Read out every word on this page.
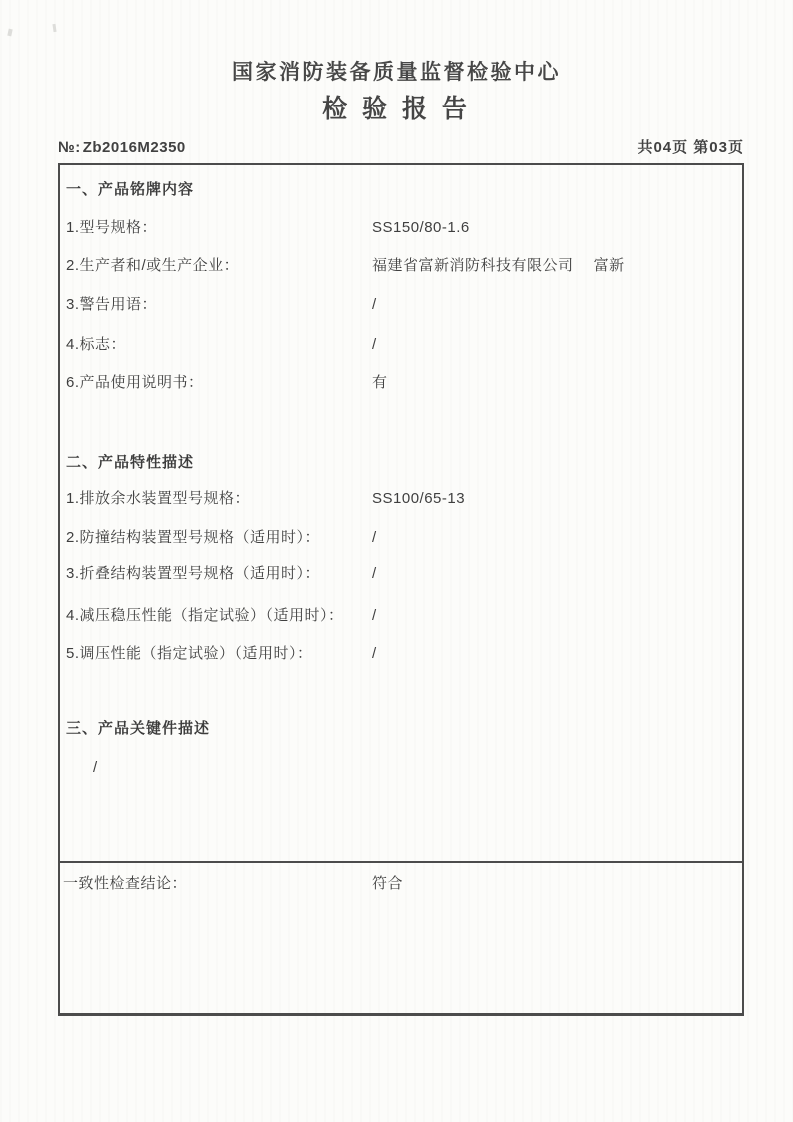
国家消防装备质量监督检验中心
检 验 报 告
№: Zb2016M2350	共04页 第03页
一、产品铭牌内容
1.型号规格：	SS150/80-1.6
2.生产者和/或生产企业：	福建省富新消防科技有限公司　 富新
3.警告用语：	/
4.标志：	/
6.产品使用说明书：	有
二、产品特性描述
1.排放余水装置型号规格：	SS100/65-13
2.防撞结构装置型号规格（适用时）：	/
3.折叠结构装置型号规格（适用时）：	/
4.减压稳压性能（指定试验）（适用时）： /
5.调压性能（指定试验）（适用时）：	/
三、产品关键件描述
/
一致性检查结论：	符合
